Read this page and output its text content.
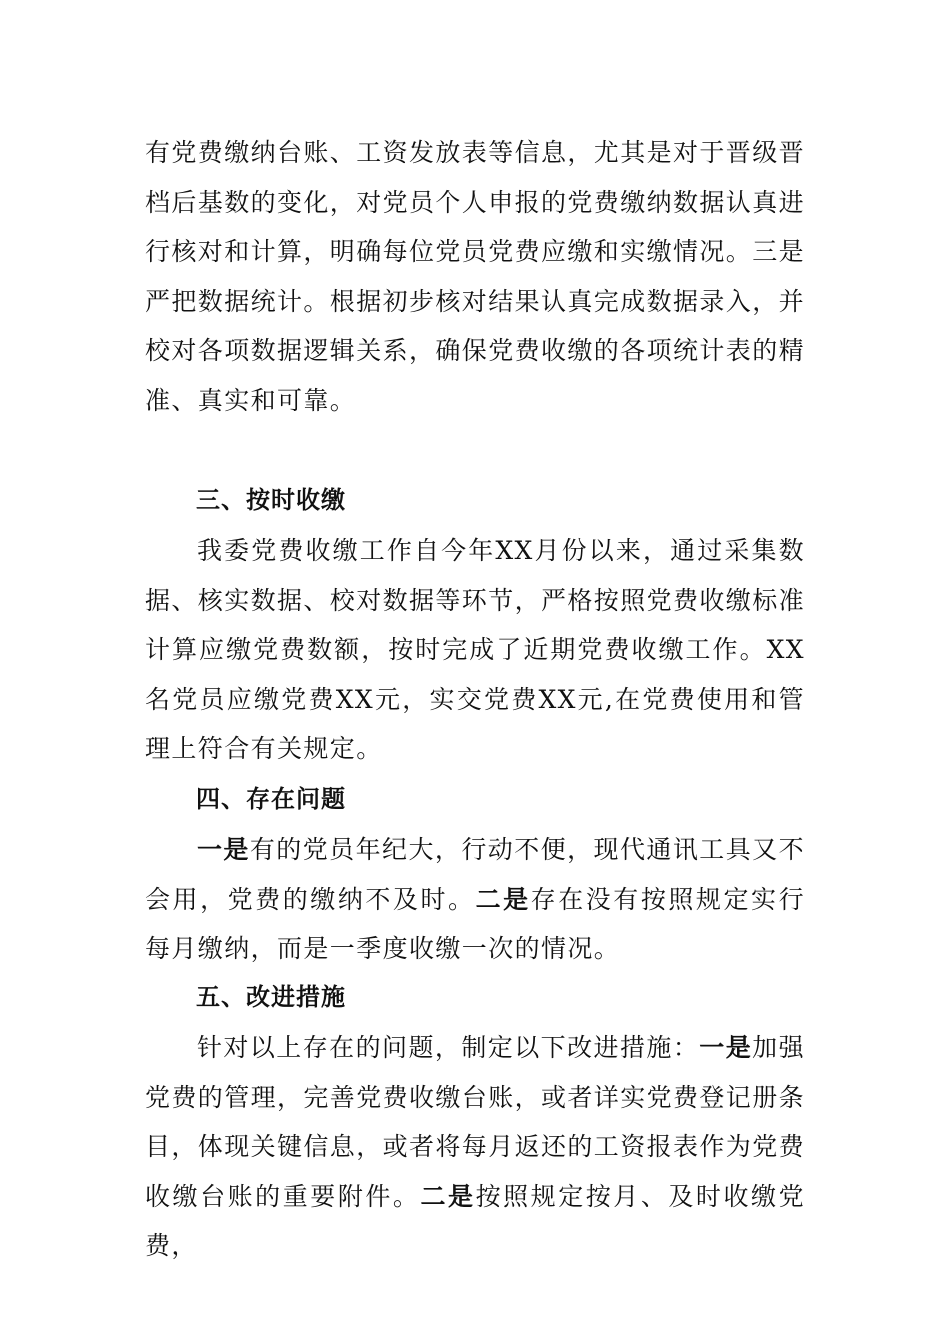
有党费缴纳台账、工资发放表等信息，尤其是对于晋级晋档后基数的变化，对党员个人申报的党费缴纳数据认真进行核对和计算，明确每位党员党费应缴和实缴情况。三是严把数据统计。根据初步核对结果认真完成数据录入，并校对各项数据逻辑关系，确保党费收缴的各项统计表的精准、真实和可靠。

三、按时收缴

我委党费收缴工作自今年XX月份以来，通过采集数据、核实数据、校对数据等环节，严格按照党费收缴标准计算应缴党费数额，按时完成了近期党费收缴工作。XX名党员应缴党费XX元，实交党费XX元,在党费使用和管理上符合有关规定。

四、存在问题

一是有的党员年纪大，行动不便，现代通讯工具又不会用，党费的缴纳不及时。二是存在没有按照规定实行每月缴纳，而是一季度收缴一次的情况。

五、改进措施

针对以上存在的问题，制定以下改进措施：一是加强党费的管理，完善党费收缴台账，或者详实党费登记册条目，体现关键信息，或者将每月返还的工资报表作为党费收缴台账的重要附件。二是按照规定按月、及时收缴党费，
